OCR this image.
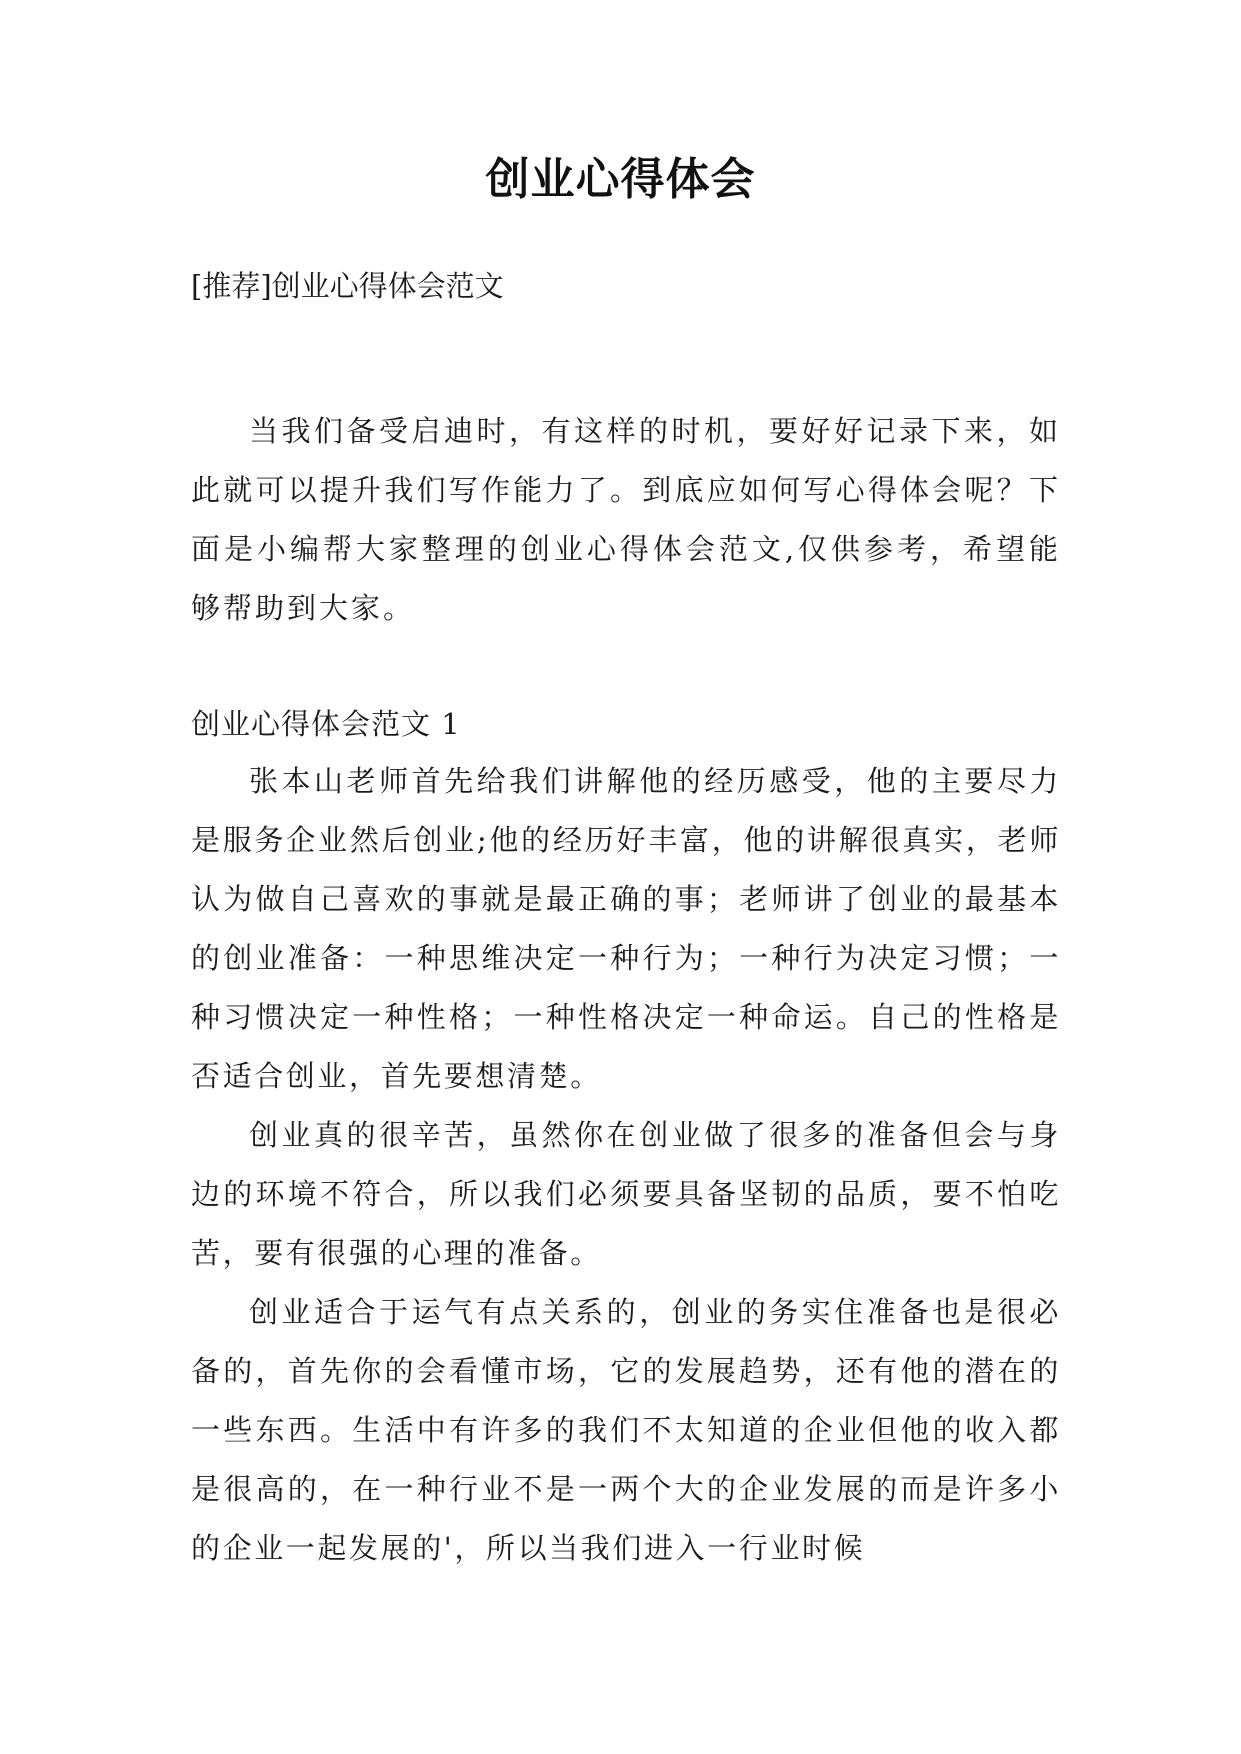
创业心得体会

[推荐]创业心得体会范文

当我们备受启迪时，有这样的时机，要好好记录下来，如此就可以提升我们写作能力了。到底应如何写心得体会呢？下面是小编帮大家整理的创业心得体会范文,仅供参考，希望能够帮助到大家。

创业心得体会范文 1

张本山老师首先给我们讲解他的经历感受，他的主要尽力是服务企业然后创业;他的经历好丰富，他的讲解很真实，老师认为做自己喜欢的事就是最正确的事；老师讲了创业的最基本的创业准备：一种思维决定一种行为；一种行为决定习惯；一种习惯决定一种性格；一种性格决定一种命运。自己的性格是否适合创业，首先要想清楚。

创业真的很辛苦，虽然你在创业做了很多的准备但会与身边的环境不符合，所以我们必须要具备坚韧的品质，要不怕吃苦，要有很强的心理的准备。

创业适合于运气有点关系的，创业的务实住准备也是很必备的，首先你的会看懂市场，它的发展趋势，还有他的潜在的一些东西。生活中有许多的我们不太知道的企业但他的收入都是很高的，在一种行业不是一两个大的企业发展的而是许多小的企业一起发展的'，所以当我们进入一行业时候
